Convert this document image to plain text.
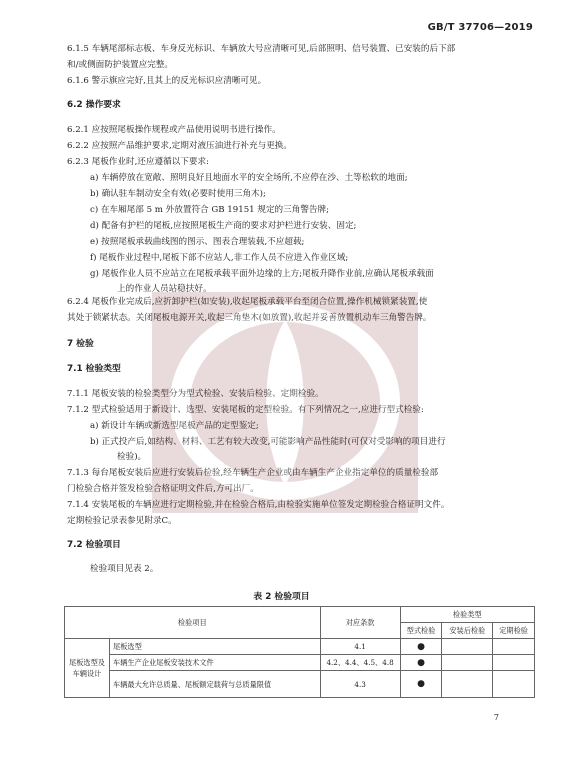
GB/T 37706—2019
6.1.5 车辆尾部标志板、车身反光标识、车辆放大号应清晰可见,后部照明、信号装置、已安装的后下部
和/或侧面防护装置应完整。
6.1.6 警示旗应完好,且其上的反光标识应清晰可见。
6.2 操作要求
6.2.1 应按照尾板操作规程或产品使用说明书进行操作。
6.2.2 应按照产品维护要求,定期对液压油进行补充与更换。
6.2.3 尾板作业时,还应遵循以下要求:
a) 车辆停放在宽敞、照明良好且地面水平的安全场所,不应停在沙、土等松软的地面;
b) 确认驻车制动安全有效(必要时使用三角木);
c) 在车厢尾部 5 m 外放置符合 GB 19151 规定的三角警告牌;
d) 配备有护栏的尾板,应按照尾板生产商的要求对护栏进行安装、固定;
e) 按照尾板承载曲线图的图示、图表合理装载,不应超载;
f) 尾板作业过程中,尾板下部不应站人,非工作人员不应进入作业区域;
g) 尾板作业人员不应站立在尾板承载平面外边缘的上方;尾板升降作业前,应确认尾板承载面
上的作业人员站稳扶好。
6.2.4 尾板作业完成后,应折卸护栏(如安装),收起尾板承载平台至闭合位置,操作机械锁紧装置,使
其处于锁紧状态。关闭尾板电源开关,收起三角垫木(如放置),收起并妥善放置机动车三角警告牌。
7 检验
7.1 检验类型
7.1.1 尾板安装的检验类型分为型式检验、安装后检验、定期检验。
7.1.2 型式检验适用于新设计、选型、安装尾板的定型检验。有下列情况之一,应进行型式检验:
a) 新设计车辆或新选型尾板产品的定型鉴定;
b) 正式投产后,如结构、材料、工艺有较大改变,可能影响产品性能时(可仅对受影响的项目进行
检验)。
7.1.3 每台尾板安装后应进行安装后检验,经车辆生产企业或由车辆生产企业指定单位的质量检验部
门检验合格并签发检验合格证明文件后,方可出厂。
7.1.4 安装尾板的车辆应进行定期检验,并在检验合格后,由检验实施单位签发定期检验合格证明文件。
定期检验记录表参见附录C。
7.2 检验项目
检验项目见表 2。
表 2 检验项目
检验项目		对应条款	检验类型		
			型式检验	安装后检验	定期检验
尾板选型及车辆设计	尾板选型	4.1	●		
	车辆生产企业尾板安装技术文件	4.2、4.4、4.5、4.8	●		
	车辆最大允许总质量、尾板额定载荷与总质量限值	4.3	●		
7
